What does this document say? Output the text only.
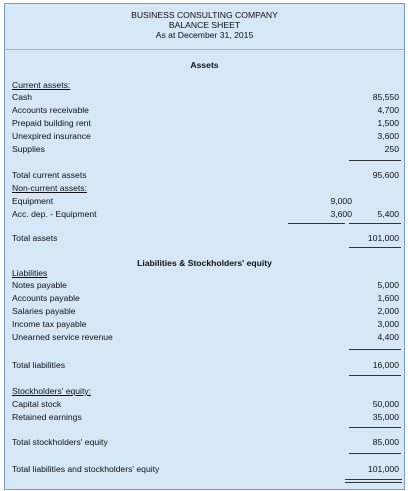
BUSINESS CONSULTING COMPANY
BALANCE SHEET
As at December 31, 2015
Assets
Current assets:
Cash	85,550
Accounts receivable	4,700
Prepaid building rent	1,500
Unexpired insurance	3,600
Supplies	250
Total current assets	95,600
Non-current assets:
Equipment	9,000
Acc. dep. - Equipment	3,600	5,400
Total assets	101,000
Liabilities & Stockholders' equity
Liabilities
Notes payable	5,000
Accounts payable	1,600
Salaries payable	2,000
Income tax payable	3,000
Unearned service revenue	4,400
Total liabilities	16,000
Stockholders' equity:
Capital stock	50,000
Retained earnings	35,000
Total stockholders' equity	85,000
Total liabilities and stockholders' equity	101,000
